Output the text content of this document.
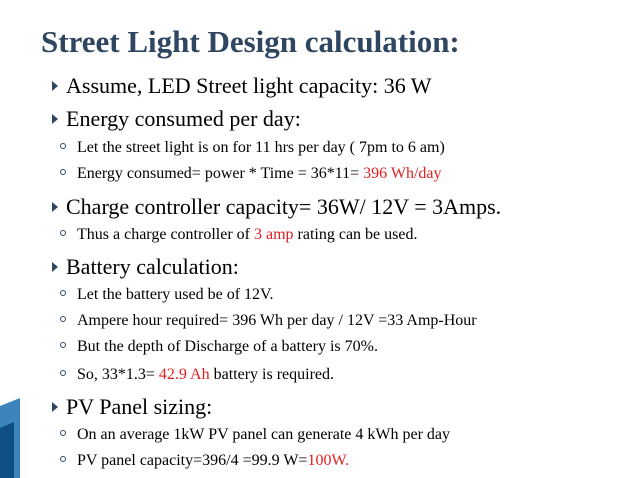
Street Light Design calculation:
Assume, LED Street light capacity: 36 W
Energy consumed per day:
Let the street light is on for 11 hrs per day ( 7pm to 6 am)
Energy consumed= power * Time = 36*11= 396 Wh/day
Charge controller capacity= 36W/ 12V = 3Amps.
Thus a charge controller of 3 amp rating can be used.
Battery calculation:
Let the battery used be of 12V.
Ampere hour required= 396 Wh per day / 12V =33 Amp-Hour
But the depth of Discharge of a battery is 70%.
So, 33*1.3= 42.9 Ah battery is required.
PV Panel sizing:
On an average 1kW PV panel can generate 4 kWh per day
PV panel capacity=396/4 =99.9 W=100W.
